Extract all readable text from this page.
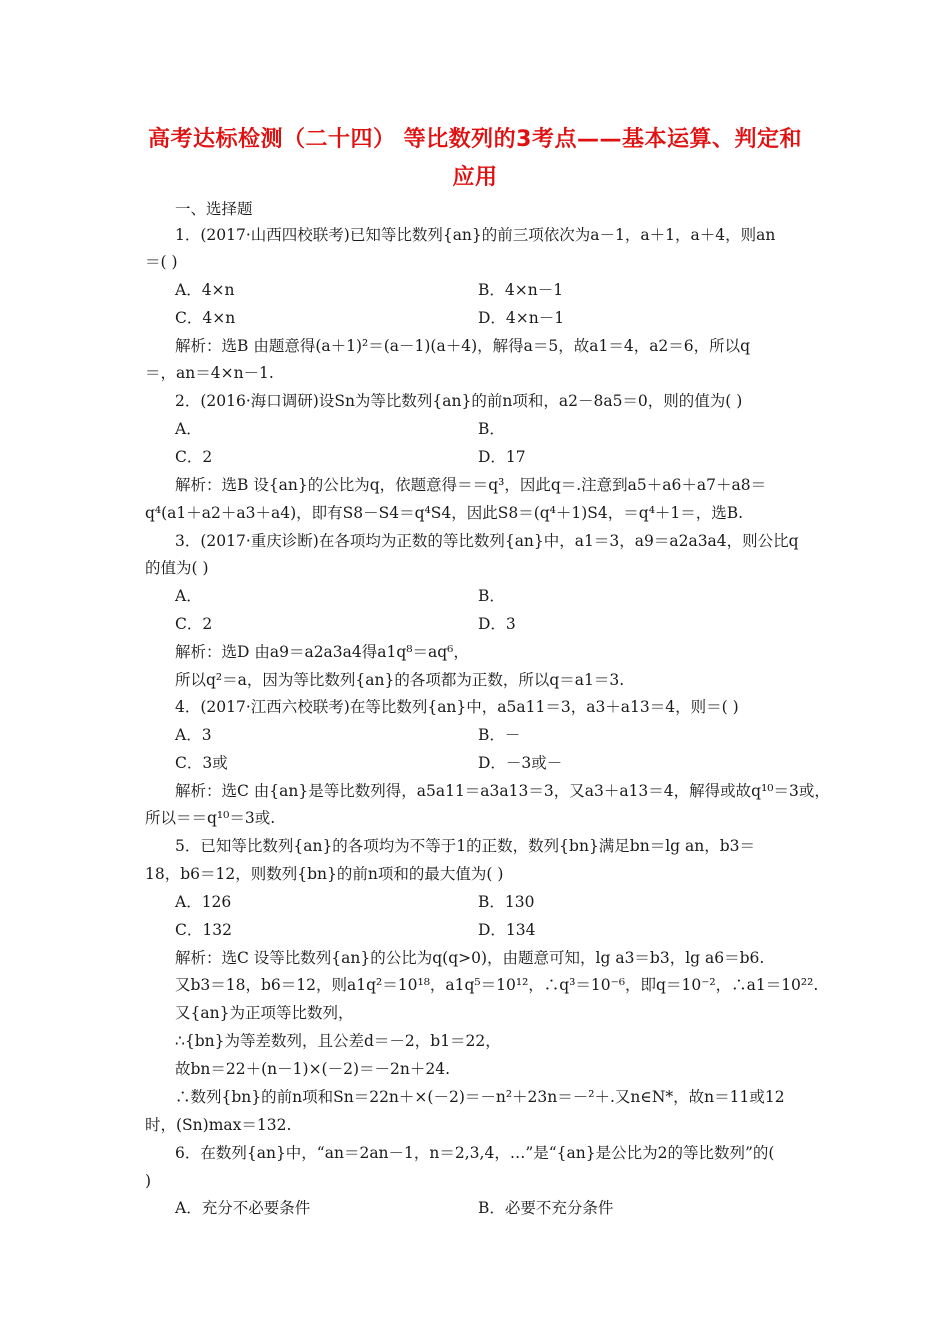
高考达标检测（二十四） 等比数列的3考点——基本运算、判定和
应用
一、选择题
1．(2017·山西四校联考)已知等比数列{an}的前三项依次为a－1，a＋1，a＋4，则an
＝( )
A．4×n	B．4×n－1
C．4×n	D．4×n－1
解析：选B 由题意得(a＋1)²＝(a－1)(a＋4)，解得a＝5，故a1＝4，a2＝6，所以q
＝，an＝4×n－1.
2．(2016·海口调研)设Sn为等比数列{an}的前n项和，a2－8a5＝0，则的值为( )
A．	B．
C．2	D．17
解析：选B 设{an}的公比为q，依题意得＝＝q³，因此q＝.注意到a5＋a6＋a7＋a8＝
q⁴(a1＋a2＋a3＋a4)，即有S8－S4＝q⁴S4，因此S8＝(q⁴＋1)S4，＝q⁴＋1＝，选B.
3．(2017·重庆诊断)在各项均为正数的等比数列{an}中，a1＝3，a9＝a2a3a4，则公比q
的值为( )
A．	B．
C．2	D．3
解析：选D 由a9＝a2a3a4得a1q⁸＝aq⁶，
所以q²＝a，因为等比数列{an}的各项都为正数，所以q＝a1＝3.
4．(2017·江西六校联考)在等比数列{an}中，a5a11＝3，a3＋a13＝4，则＝( )
A．3	B．－
C．3或	D．－3或－
解析：选C 由{an}是等比数列得，a5a11＝a3a13＝3，又a3＋a13＝4，解得或故q¹⁰＝3或，
所以＝＝q¹⁰＝3或.
5．已知等比数列{an}的各项均为不等于1的正数，数列{bn}满足bn＝lg an，b3＝
18，b6＝12，则数列{bn}的前n项和的最大值为( )
A．126	B．130
C．132	D．134
解析：选C 设等比数列{an}的公比为q(q>0)，由题意可知，lg a3＝b3，lg a6＝b6.
又b3＝18，b6＝12，则a1q²＝10¹⁸，a1q⁵＝10¹²，∴q³＝10⁻⁶，即q＝10⁻²，∴a1＝10²².
又{an}为正项等比数列，
∴{bn}为等差数列，且公差d＝－2，b1＝22，
故bn＝22＋(n－1)×(－2)＝－2n＋24.
∴数列{bn}的前n项和Sn＝22n＋×(－2)＝－n²＋23n＝－²＋.又n∈N*，故n＝11或12
时，(Sn)max＝132.
6．在数列{an}中，“an＝2an－1，n＝2,3,4，…”是“{an}是公比为2的等比数列”的(
)
A．充分不必要条件	B．必要不充分条件
